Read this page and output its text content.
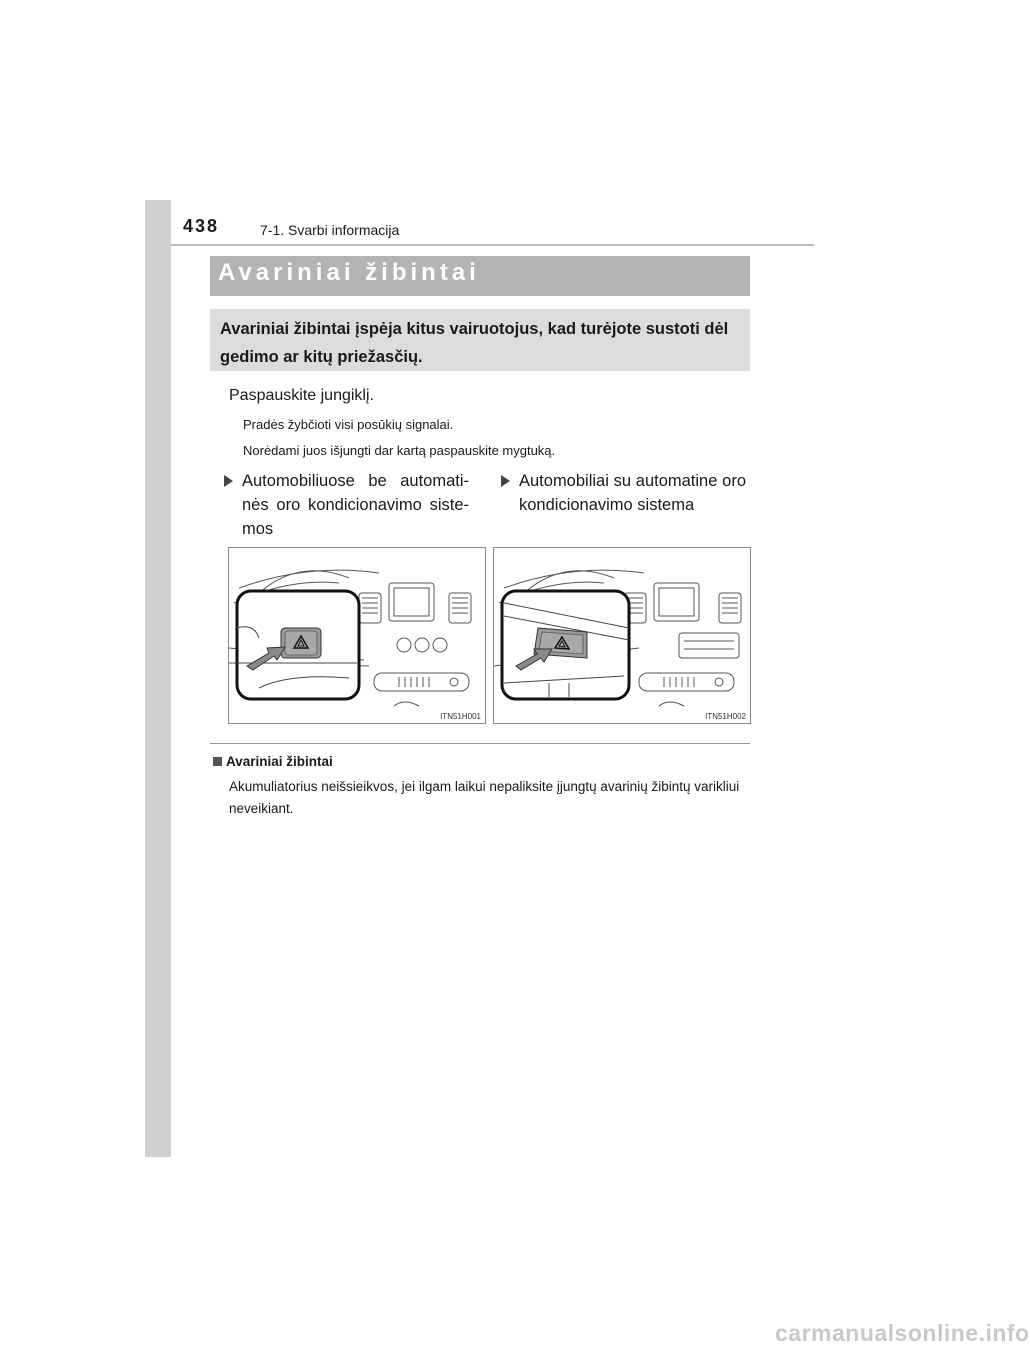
438	7-1. Svarbi informacija
Avariniai žibintai
Avariniai žibintai įspėja kitus vairuotojus, kad turėjote sustoti dėl gedimo ar kitų priežasčių.
Paspauskite jungiklį.
Pradės žybčioti visi posūkių signalai.
Norėdami juos išjungti dar kartą paspauskite mygtuką.
Automobiliuose be automati-nės oro kondicionavimo siste-mos
Automobiliai su automatine oro kondicionavimo sistema
ITN51H001	ITN51H002
Avariniai žibintai
Akumuliatorius neišsieikvos, jei ilgam laikui nepaliksite įjungtų avarinių žibintų varikliui neveikiant.
carmanualsonline.info
